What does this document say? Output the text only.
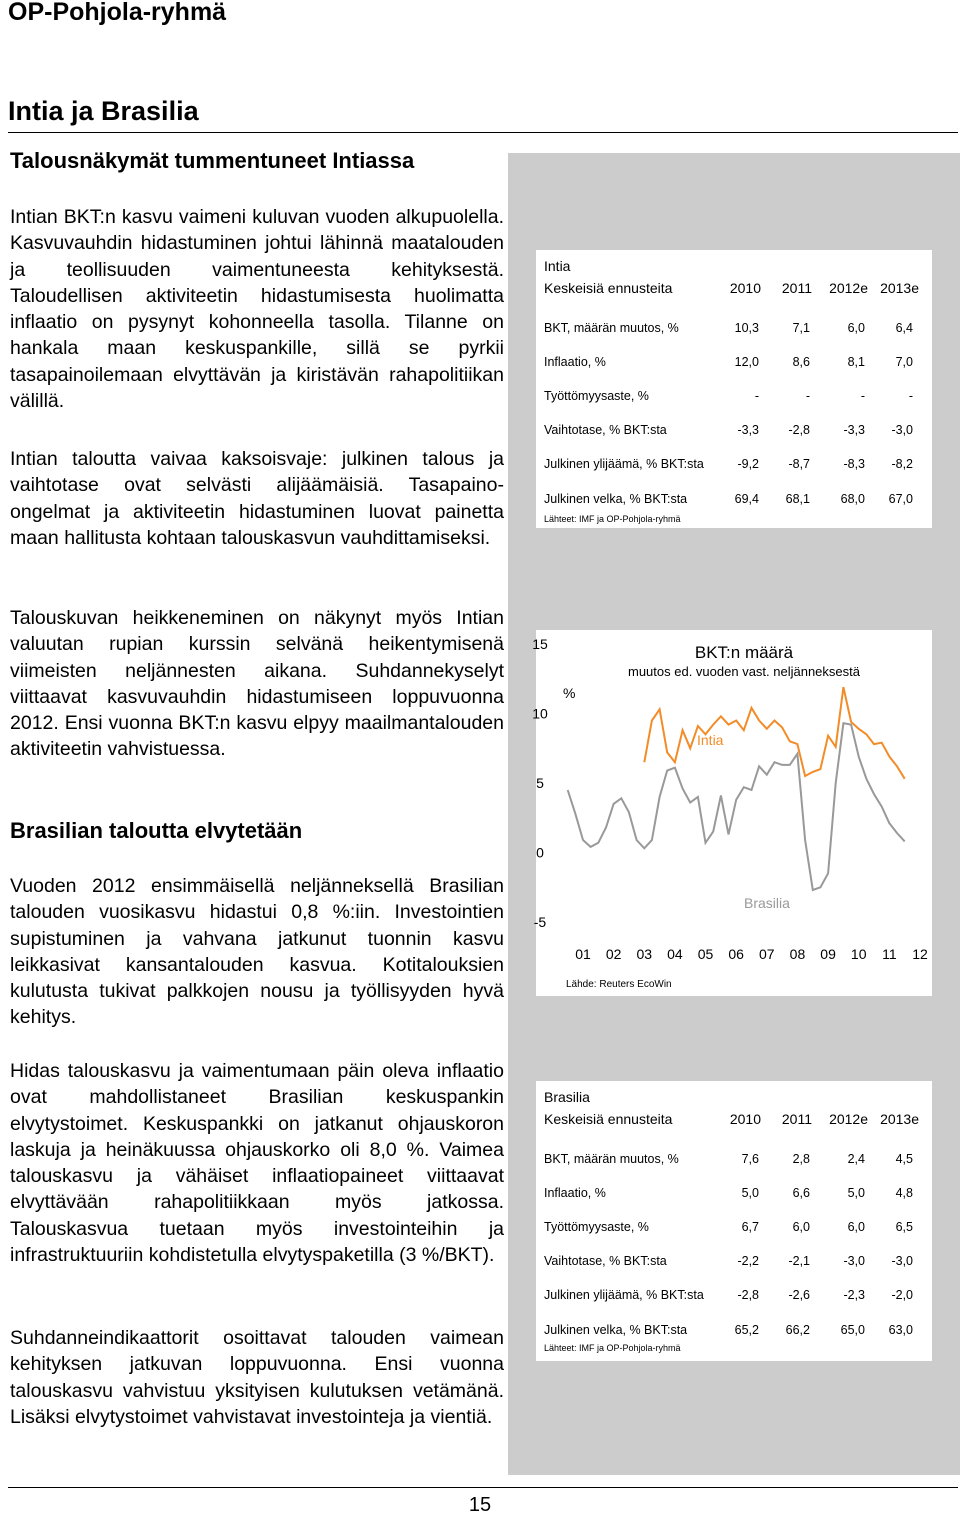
OP-Pohjola-ryhmä
Intia ja Brasilia
Talousnäkymät tummentuneet Intiassa

Intian BKT:n kasvu vaimeni kuluvan vuoden alkupuolella. Kasvuvauhdin hidastuminen johtui lähinnä maatalouden ja teollisuuden vaimentuneesta kehityksestä. Taloudellisen aktiviteetin hidastumisesta huolimatta inflaatio on pysynyt kohonneella tasolla. Tilanne on hankala maan keskuspankille, sillä se pyrkii tasapainoilemaan elvyttävän ja kiristävän rahapolitiikan välillä.

Intian taloutta vaivaa kaksoisvaje: julkinen talous ja vaihtotase ovat selvästi alijäämäisiä. Tasapaino-ongelmat ja aktiviteetin hidastuminen luovat painetta maan hallitusta kohtaan talouskasvun vauhdittamiseksi.

Talouskuvan heikkeneminen on näkynyt myös Intian valuutan rupian kurssin selvänä heikentymisenä viimeisten neljännesten aikana. Suhdannekyselyt viittaavat kasvuvauhdin hidastumiseen loppuvuonna 2012. Ensi vuonna BKT:n kasvu elpyy maailmantalouden aktiviteetin vahvistuessa.

Brasilian taloutta elvytetään

Vuoden 2012 ensimmäisellä neljänneksellä Brasilian talouden vuosikasvu hidastui 0,8 %:iin. Investointien supistuminen ja vahvana jatkunut tuonnin kasvu leikkasivat kansantalouden kasvua. Kotitalouksien kulutusta tukivat palkkojen nousu ja työllisyyden hyvä kehitys.

Hidas talouskasvu ja vaimentumaan päin oleva inflaatio ovat mahdollistaneet Brasilian keskuspankin elvytystoimet. Keskuspankki on jatkanut ohjauskoron laskuja ja heinäkuussa ohjauskorko oli 8,0 %. Vaimea talouskasvu ja vähäiset inflaatiopaineet viittaavat elvyttävään rahapolitiikkaan myös jatkossa. Talouskasvua tuetaan myös investointeihin ja infrastruktuuriin kohdistetulla elvytyspaketilla (3 %/BKT).

Suhdanneindikaattorit osoittavat talouden vaimean kehityksen jatkuvan loppuvuonna. Ensi vuonna talouskasvu vahvistuu yksityisen kulutuksen vetämänä. Lisäksi elvytystoimet vahvistavat investointeja ja vientiä.

Intia
Keskeisiä ennusteita	2010	2011 2012e 2013e
BKT, määrän muutos, %	10,3	7,1	6,0	6,4
Inflaatio, %	12,0	8,6	8,1	7,0
Työttömyysaste, %	-	-	-	-
Vaihtotase, % BKT:sta	-3,3	-2,8	-3,3	-3,0
Julkinen ylijäämä, % BKT:sta	-9,2	-8,7	-8,3	-8,2
Julkinen velka, % BKT:sta	69,4	68,1	68,0	67,0
Lähteet: IMF ja OP-Pohjola-ryhmä
BKT:n määrä
muutos ed. vuoden vast. neljänneksestä
%
15
10
5
0
-5
01 02 03 04 05 06 07 08 09 10 11 12
Intia
Brasilia
Lähde: Reuters EcoWin
Brasilia
Keskeisiä ennusteita	2010	2011 2012e 2013e
BKT, määrän muutos, %	7,6	2,8	2,4	4,5
Inflaatio, %	5,0	6,6	5,0	4,8
Työttömyysaste, %	6,7	6,0	6,0	6,5
Vaihtotase, % BKT:sta	-2,2	-2,1	-3,0	-3,0
Julkinen ylijäämä, % BKT:sta	-2,8	-2,6	-2,3	-2,0
Julkinen velka, % BKT:sta	65,2	66,2	65,0	63,0
Lähteet: IMF ja OP-Pohjola-ryhmä
15
